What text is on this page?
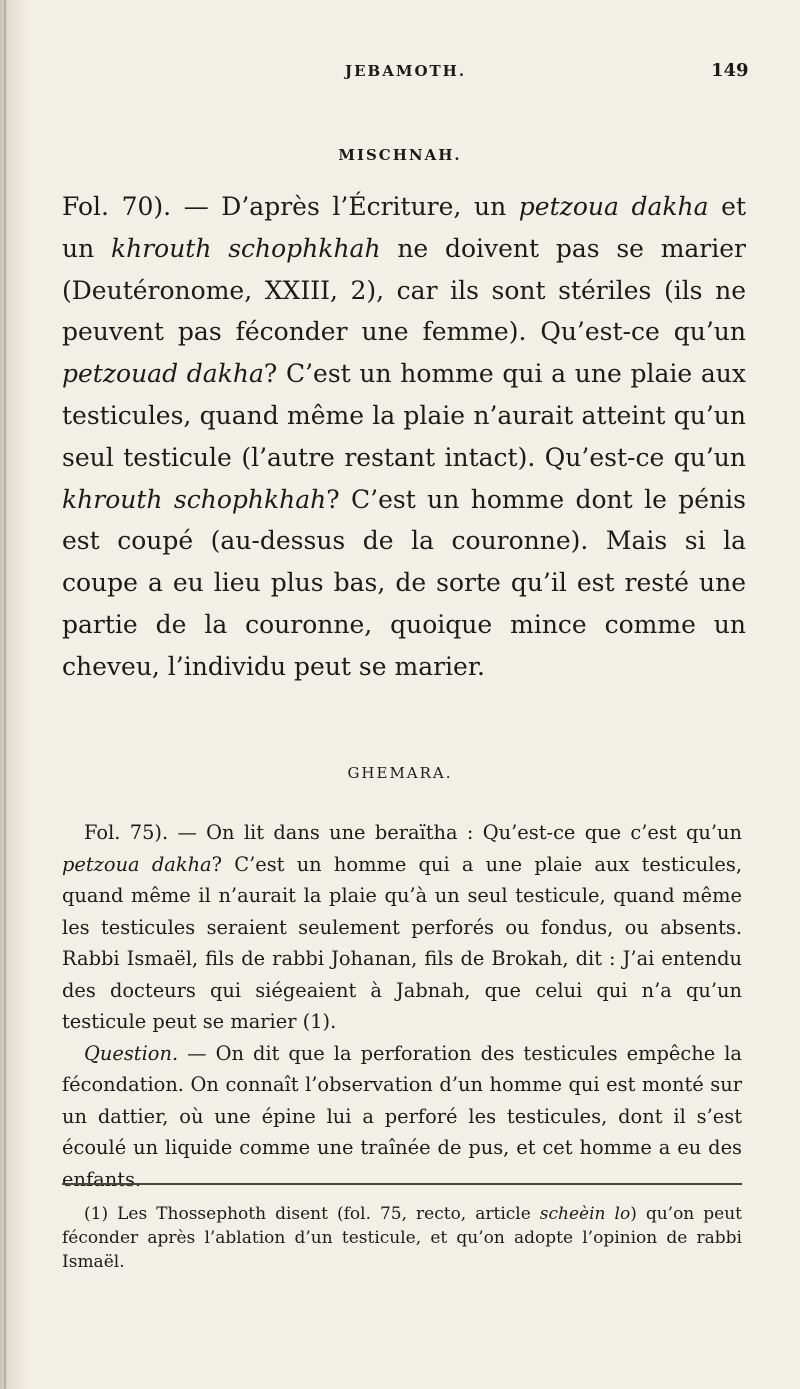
JEBAMOTH.	149
MISCHNAH.
Fol. 70). — D’après l’Écriture, un petzoua dakha et un khrouth schophkhah ne doivent pas se marier (Deutéronome, XXIII, 2), car ils sont stériles (ils ne peuvent pas féconder une femme). Qu’est-ce qu’un petzouad dakha? C’est un homme qui a une plaie aux testicules, quand même la plaie n’aurait atteint qu’un seul testicule (l’autre restant intact). Qu’est-ce qu’un khrouth schophkhah? C’est un homme dont le pénis est coupé (au-dessus de la couronne). Mais si la coupe a eu lieu plus bas, de sorte qu’il est resté une partie de la couronne, quoique mince comme un cheveu, l’individu peut se marier.
GHEMARA.

Fol. 75). — On lit dans une beraïtha : Qu’est-ce que c’est qu’un petzoua dakha? C’est un homme qui a une plaie aux testicules, quand même il n’aurait la plaie qu’à un seul testicule, quand même les testicules seraient seulement perforés ou fondus, ou absents. Rabbi Ismaël, fils de rabbi Johanan, fils de Brokah, dit : J’ai entendu des docteurs qui siégeaient à Jabnah, que celui qui n’a qu’un testicule peut se marier (1).

Question. — On dit que la perforation des testicules empêche la fécondation. On connaît l’observation d’un homme qui est monté sur un dattier, où une épine lui a perforé les testicules, dont il s’est écoulé un liquide comme une traînée de pus, et cet homme a eu des enfants.

(1) Les Thossephoth disent (fol. 75, recto, article scheèin lo) qu’on peut féconder après l’ablation d’un testicule, et qu’on adopte l’opinion de rabbi Ismaël.
